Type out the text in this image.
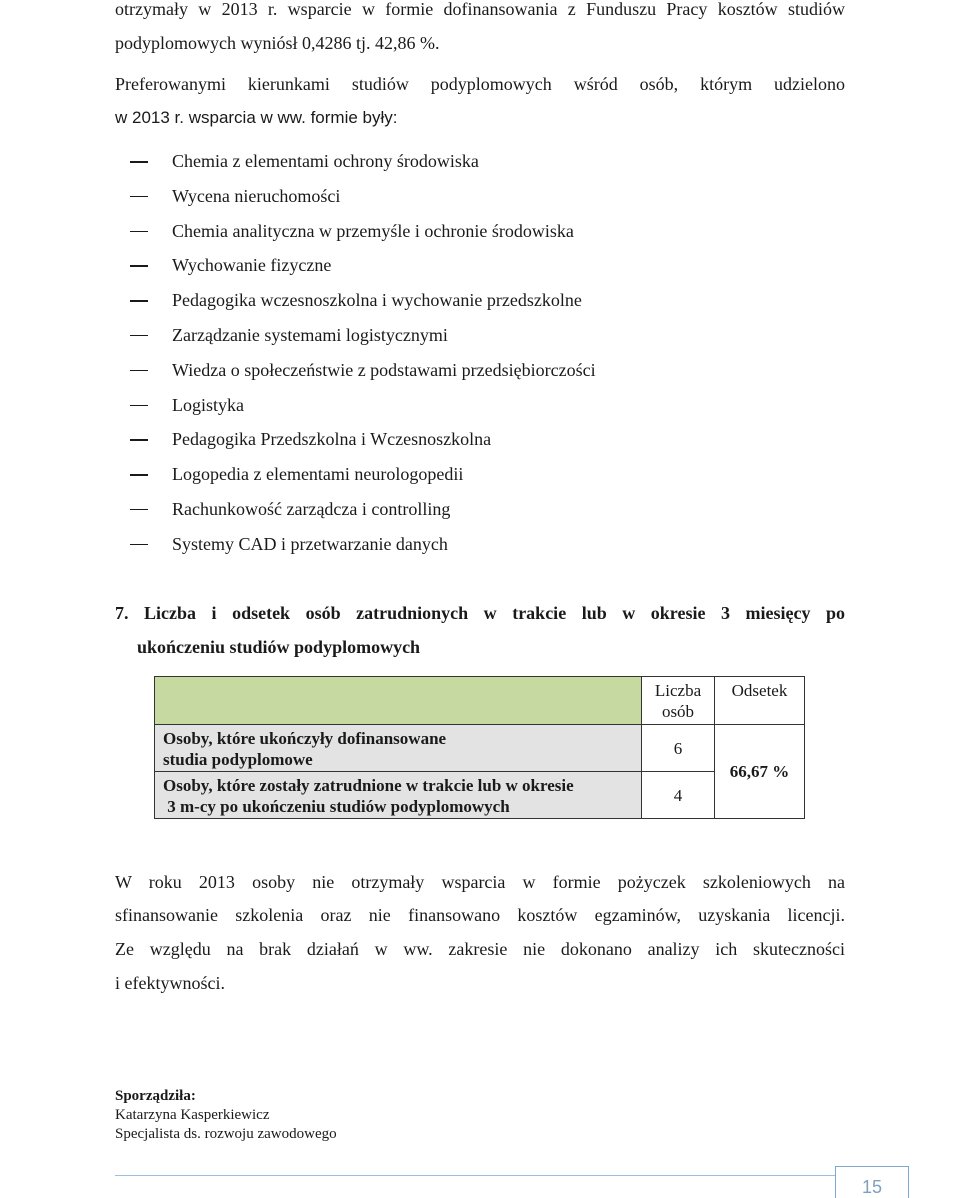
otrzymały w 2013 r. wsparcie w formie dofinansowania z Funduszu Pracy kosztów studiów
podyplomowych wyniósł 0,4286 tj. 42,86 %.
Preferowanymi kierunkami studiów podyplomowych wśród osób, którym udzielono
w 2013 r. wsparcia w ww. formie były:
Chemia z elementami ochrony środowiska
Wycena nieruchomości
Chemia analityczna w przemyśle i ochronie środowiska
Wychowanie fizyczne
Pedagogika wczesnoszkolna i wychowanie przedszkolne
Zarządzanie systemami logistycznymi
Wiedza o społeczeństwie z podstawami przedsiębiorczości
Logistyka
Pedagogika Przedszkolna i Wczesnoszkolna
Logopedia z elementami neurologopedii
Rachunkowość zarządcza i controlling
Systemy CAD i przetwarzanie danych
7. Liczba i odsetek osób zatrudnionych w trakcie lub w okresie 3 miesięcy po
ukończeniu studiów podyplomowych
Liczba
osób
Odsetek
Osoby, które ukończyły dofinansowane
studia podyplomowe
6
Osoby, które zostały zatrudnione w trakcie lub w okresie
3 m-cy po ukończeniu studiów podyplomowych
4
66,67 %
W roku 2013 osoby nie otrzymały wsparcia w formie pożyczek szkoleniowych na
sfinansowanie szkolenia oraz nie finansowano kosztów egzaminów, uzyskania licencji.
Ze względu na brak działań w ww. zakresie nie dokonano analizy ich skuteczności
i efektywności.
Sporządziła:
Katarzyna Kasperkiewicz
Specjalista ds. rozwoju zawodowego
15
